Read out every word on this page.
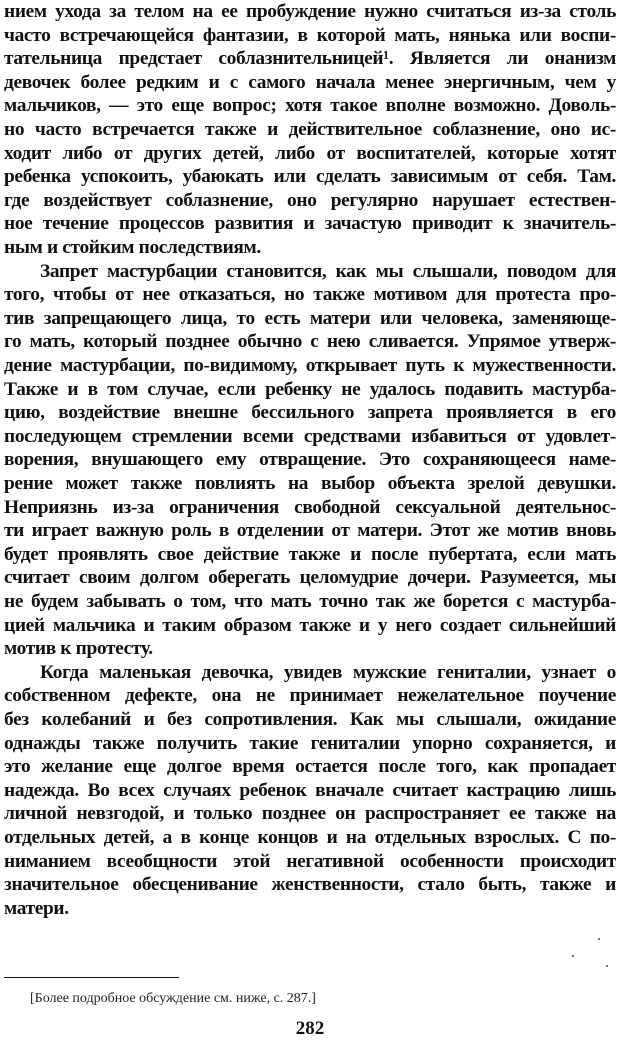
нием ухода за телом на ее пробуждение нужно считаться из-за столь
часто встречающейся фантазии, в которой мать, нянька или воспи-
тательница предстает соблазнительницей¹. Является ли онанизм
девочек более редким и с самого начала менее энергичным, чем у
мальчиков, — это еще вопрос; хотя такое вполне возможно. Доволь-
но часто встречается также и действительное соблазнение, оно ис-
ходит либо от других детей, либо от воспитателей, которые хотят
ребенка успокоить, убаюкать или сделать зависимым от себя. Там.
где воздействует соблазнение, оно регулярно нарушает естествен-
ное течение процессов развития и зачастую приводит к значитель-
ным и стойким последствиям.
Запрет мастурбации становится, как мы слышали, поводом для
того, чтобы от нее отказаться, но также мотивом для протеста про-
тив запрещающего лица, то есть матери или человека, заменяюще-
го мать, который позднее обычно с нею сливается. Упрямое утверж-
дение мастурбации, по-видимому, открывает путь к мужественности.
Также и в том случае, если ребенку не удалось подавить мастурба-
цию, воздействие внешне бессильного запрета проявляется в его
последующем стремлении всеми средствами избавиться от удовлет-
ворения, внушающего ему отвращение. Это сохраняющееся наме-
рение может также повлиять на выбор объекта зрелой девушки.
Неприязнь из-за ограничения свободной сексуальной деятельнос-
ти играет важную роль в отделении от матери. Этот же мотив вновь
будет проявлять свое действие также и после пубертата, если мать
считает своим долгом оберегать целомудрие дочери. Разумеется, мы
не будем забывать о том, что мать точно так же борется с мастурба-
цией мальчика и таким образом также и у него создает сильнейший
мотив к протесту.
Когда маленькая девочка, увидев мужские гениталии, узнает о
собственном дефекте, она не принимает нежелательное поучение
без колебаний и без сопротивления. Как мы слышали, ожидание
однажды также получить такие гениталии упорно сохраняется, и
это желание еще долгое время остается после того, как пропадает
надежда. Во всех случаях ребенок вначале считает кастрацию лишь
личной невзгодой, и только позднее он распространяет ее также на
отдельных детей, а в конце концов и на отдельных взрослых. С по-
ниманием всеобщности этой негативной особенности происходит
значительное обесценивание женственности, стало быть, также и
матери.
[Более подробное обсуждение см. ниже, с. 287.]
282
